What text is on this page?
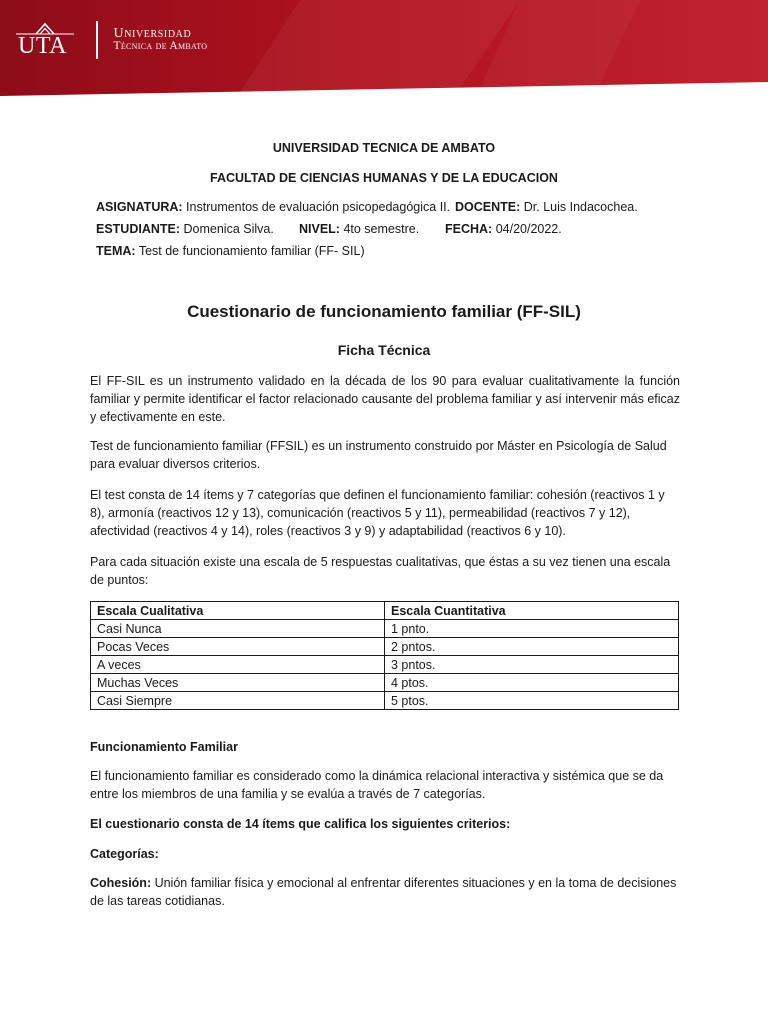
UTA	Universidad
Técnica de Ambato
UNIVERSIDAD TECNICA DE AMBATO
FACULTAD DE CIENCIAS HUMANAS Y DE LA EDUCACION
ASIGNATURA: Instrumentos de evaluación psicopedagógica II. DOCENTE: Dr. Luis Indacochea.
ESTUDIANTE: Domenica Silva. NIVEL: 4to semestre. FECHA: 04/20/2022.
TEMA: Test de funcionamiento familiar (FF- SIL)
Cuestionario de funcionamiento familiar (FF-SIL)
Ficha Técnica
El FF-SIL es un instrumento validado en la década de los 90 para evaluar cualitativamente la función familiar y permite identificar el factor relacionado causante del problema familiar y así intervenir más eficaz y efectivamente en este.
Test de funcionamiento familiar (FFSIL) es un instrumento construido por Máster en Psicología de Salud para evaluar diversos criterios.
El test consta de 14 ítems y 7 categorías que definen el funcionamiento familiar: cohesión (reactivos 1 y 8), armonía (reactivos 12 y 13), comunicación (reactivos 5 y 11), permeabilidad (reactivos 7 y 12), afectividad (reactivos 4 y 14), roles (reactivos 3 y 9) y adaptabilidad (reactivos 6 y 10).
Para cada situación existe una escala de 5 respuestas cualitativas, que éstas a su vez tienen una escala de puntos:
Escala Cualitativa	Escala Cuantitativa
Casi Nunca	1 pnto.
Pocas Veces	2 pntos.
A veces	3 pntos.
Muchas Veces	4 ptos.
Casi Siempre	5 ptos.
Funcionamiento Familiar
El funcionamiento familiar es considerado como la dinámica relacional interactiva y sistémica que se da entre los miembros de una familia y se evalúa a través de 7 categorías.
El cuestionario consta de 14 ítems que califica los siguientes criterios:
Categorías:
Cohesión: Unión familiar física y emocional al enfrentar diferentes situaciones y en la toma de decisiones de las tareas cotidianas.
